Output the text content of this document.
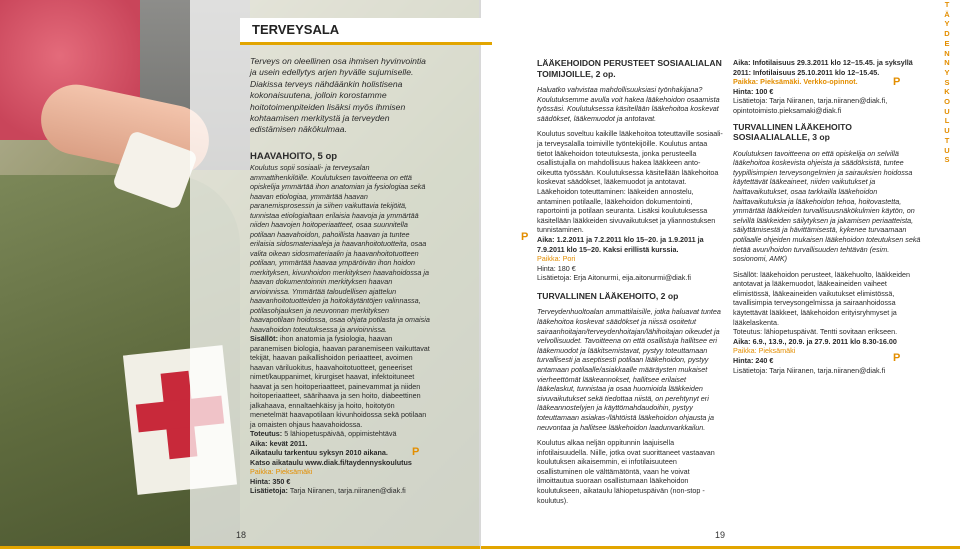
TERVEYSALA
Terveys on oleellinen osa ihmisen hyvinvointia ja usein edellytys arjen hyvälle sujumiselle. Diakissa terveys nähdäänkin holistisena kokonaisuutena, jolloin korostamme hoitotoimenpiteiden lisäksi myös ihmisen kohtaamisen merkitystä ja terveyden edistämisen näkökulmaa.
HAAVAHOITO, 5 op
Koulutus sopii sosiaali- ja terveysalan ammattihenkilöille. Koulutuksen tavoitteena on että opiskelija ymmärtää ihon anatomian ja fysiologiaa sekä haavan etiologiaa, ymmärtää haavan paranemisprosessin ja siihen vaikuttavia tekijöitä, tunnistaa etiologialtaan erilaisia haavoja ja ymmärtää niiden haavojen hoitoperiaatteet, osaa suunnitella potilaan haavahoidon, pahoillista haavan ja tuntee erilaisia sidosmateriaaleja ja haavanhoitotuotteita, osaa valita oikean sidosmateriaalin ja haavanhoitotuotteen potilaan, ymmärtää haavaa ympäröivän ihon hoidon merkityksen, kivunhoidon merkityksen haavahoidossa ja haavan dokumentoinnin merkityksen haavan arvioinnissa. Ymmärtää taloudellisen ajattelun haavanhoitotuotteiden ja hoitokäytäntöjen valinnassa, potilasohjauksen ja neuvonnan merkityksen haavapotilaan hoidossa, osaa ohjata potilasta ja omaisia haavahoidon toteutuksessa ja arvioinnissa.
Sisällöt: ihon anatomia ja fysiologia, haavan paranemisen biologia, haavan paranemiseen vaikuttavat tekijät, haavan paikallishoidon periaatteet, avoimen haavan väriluokitus, haavahoitotuotteet, geneeriset nimet/kauppanimet, kirurgiset haavat, infektoituneet haavat ja sen hoitoperiaatteet, painevammat ja niiden hoitoperiaatteet, säärihaava ja sen hoito, diabeettinen jalkahaava, ennaltaehkäisy ja hoito, hoitotyön menetelmät haavapotilaan kivunhoidossa sekä potilaan ja omaisten ohjaus haavahoidossa.
Toteutus: 5 lähiopetuspäivää, oppimistehtävä
Aika: kevät 2011.
Aikataulu tarkentuu syksyn 2010 aikana.
Katso aikataulu www.diak.fi/taydennyskoulutus
Paikka: Pieksämäki
Hinta: 350 €
Lisätietoja: Tarja Niiranen, tarja.niiranen@diak.fi
P
18

LÄÄKEHOIDON PERUSTEET SOSIAALIALAN TOIMIJOILLE, 2 op.

Haluatko vahvistaa mahdollisuuksiasi työnhakijana? Koulutuksemme avulla voit hakea lääkehoidon osaamista työssäsi. Koulutuksessa käsitellään lääkehoitoa koskevat säädökset, lääkemuodot ja antotavat.

Koulutus soveltuu kaikille lääkehoitoa toteuttaville sosiaali- ja terveysalalla toimiville työntekijöille. Koulutus antaa tietot lääkehoidon toteutuksesta, jonka perusteella osallistujalla on mahdollisuus hakea lääkkeen anto-oikeutta työssään. Koulutuksessa käsitellään lääkehoitoa koskevat säädökset, lääkemuodot ja antotavat. Lääkehoidon toteuttaminen: lääkeiden annostelu, antaminen potilaalle, lääkehoidon dokumentointi, raportointi ja potilaan seuranta. Lisäksi koulutuksessa käsitellään lääkkeiden sivuvaikutukset ja yliannostuksen tunnistaminen.
Aika: 1.2.2011 ja 7.2.2011 klo 15–20. ja 1.9.2011 ja 7.9.2011 klo 15–20. Kaksi erillistä kurssia.
Paikka: Pori
Hinta: 180 €
Lisätietoja: Erja Aitonurmi, eija.aitonurmi@diak.fi

TURVALLINEN LÄÄKEHOITO, 2 op

Terveydenhuoltoalan ammattilaisille, jotka haluavat tuntea lääkehoitoa koskevat säädökset ja niissä osoitetut sairaanhoitajan/terveydenhoitajan/lähihoitajan oikeudet ja velvollisuudet. Tavoitteena on että osallistuja hallitsee eri lääkemuodot ja lääkitsemistavat, pystyy toteuttamaan turvallisesti ja aseptisesti potilaan lääkehoidon, pystyy antamaan potilaalle/asiakkaalle määräysten mukaiset vierheettömät lääkeannokset, hallitsee erilaiset lääkelaskut, tunnistaa ja osaa huomioida lääkkeiden sivuvaikutukset sekä tiedottaa niistä, on perehtynyt eri lääkeannostelyjen ja käyttömahdaudoihin, pystyy toteuttamaan asiakas-/lähtöistä lääkehoidon ohjausta ja neuvontaa ja hallitsee lääkehoidon laadunvarkkailun.

Koulutus alkaa neljän oppitunnin laajuisella infotilaisuudella. Niille, jotka ovat suorittaneet vastaavan koulutuksen aikaisemmin, ei infotilaisuuteen osallistuminen ole välttämätöntä, vaan he voivat ilmoittautua suoraan osallistumaan lääkehoidon koulutukseen, aikataulu lähiopetuspäivän (non-stop -koulutus).

P

Aika: Infotilaisuus 29.3.2011 klo 12–15.45. ja syksyllä 2011: Infotilaisuus 25.10.2011 klo 12–15.45.
Paikka: Pieksämäki. Verkko-opinnot.
Hinta: 100 €
Lisätietoja: Tarja Niiranen, tarja.niiranen@diak.fi, opintotoimisto.pieksamaki@diak.fi

TURVALLINEN LÄÄKEHOITO SOSIAALIALALLE, 3 op

Koulutuksen tavoitteena on että opiskelija on selvillä lääkehoitoa koskevista ohjeista ja säädöksistä, tuntee tyypillisimpien terveysongelmien ja sairauksien hoidossa käytettävät lääkeaineet, niiden vaikutukset ja haittavaikutukset, osaa tarkkailla lääkehoidon haittavaikutuksia ja lääkehoidon tehoa, hoitovastetta, ymmärtää lääkkeiden turvallisuusnäkökulmien käytön, on selvillä lääkkeiden säilytyksen ja jakamisen periaatteista, säilyttämisestä ja hävittämisestä, kykenee turvaamaan potilaalle ohjeiden mukaisen lääkehoidon toteutuksen sekä tietää avun/hoidon turvallisuuden tehtävän (esim. sosionomi, AMK)

Sisällöt: lääkehoidon perusteet, lääkehuolto, lääkkeiden antotavat ja lääkemuodot, lääkeaineiden vaiheet elimistössä, lääkeaineiden vaikutukset elimistössä, tavallisimpia terveysongelmissa ja sairaanhoidossa käytettävät lääkkeet, lääkehoidon erityisryhmyset ja lääkelaskenta.
Toteutus: lähiopetuspäivät. Tentti sovitaan erikseen.
Aika: 6.9., 13.9., 20.9. ja 27.9. 2011 klo 8.30-16.00
Paikka: Pieksämäki
Hinta: 240 €
Lisätietoja: Tarja Niiranen, tarja.niiranen@diak.fi

P
P
T
Ä
Y
D
E
N
N
Y
S
K
O
U
L
U
T
U
S
19
